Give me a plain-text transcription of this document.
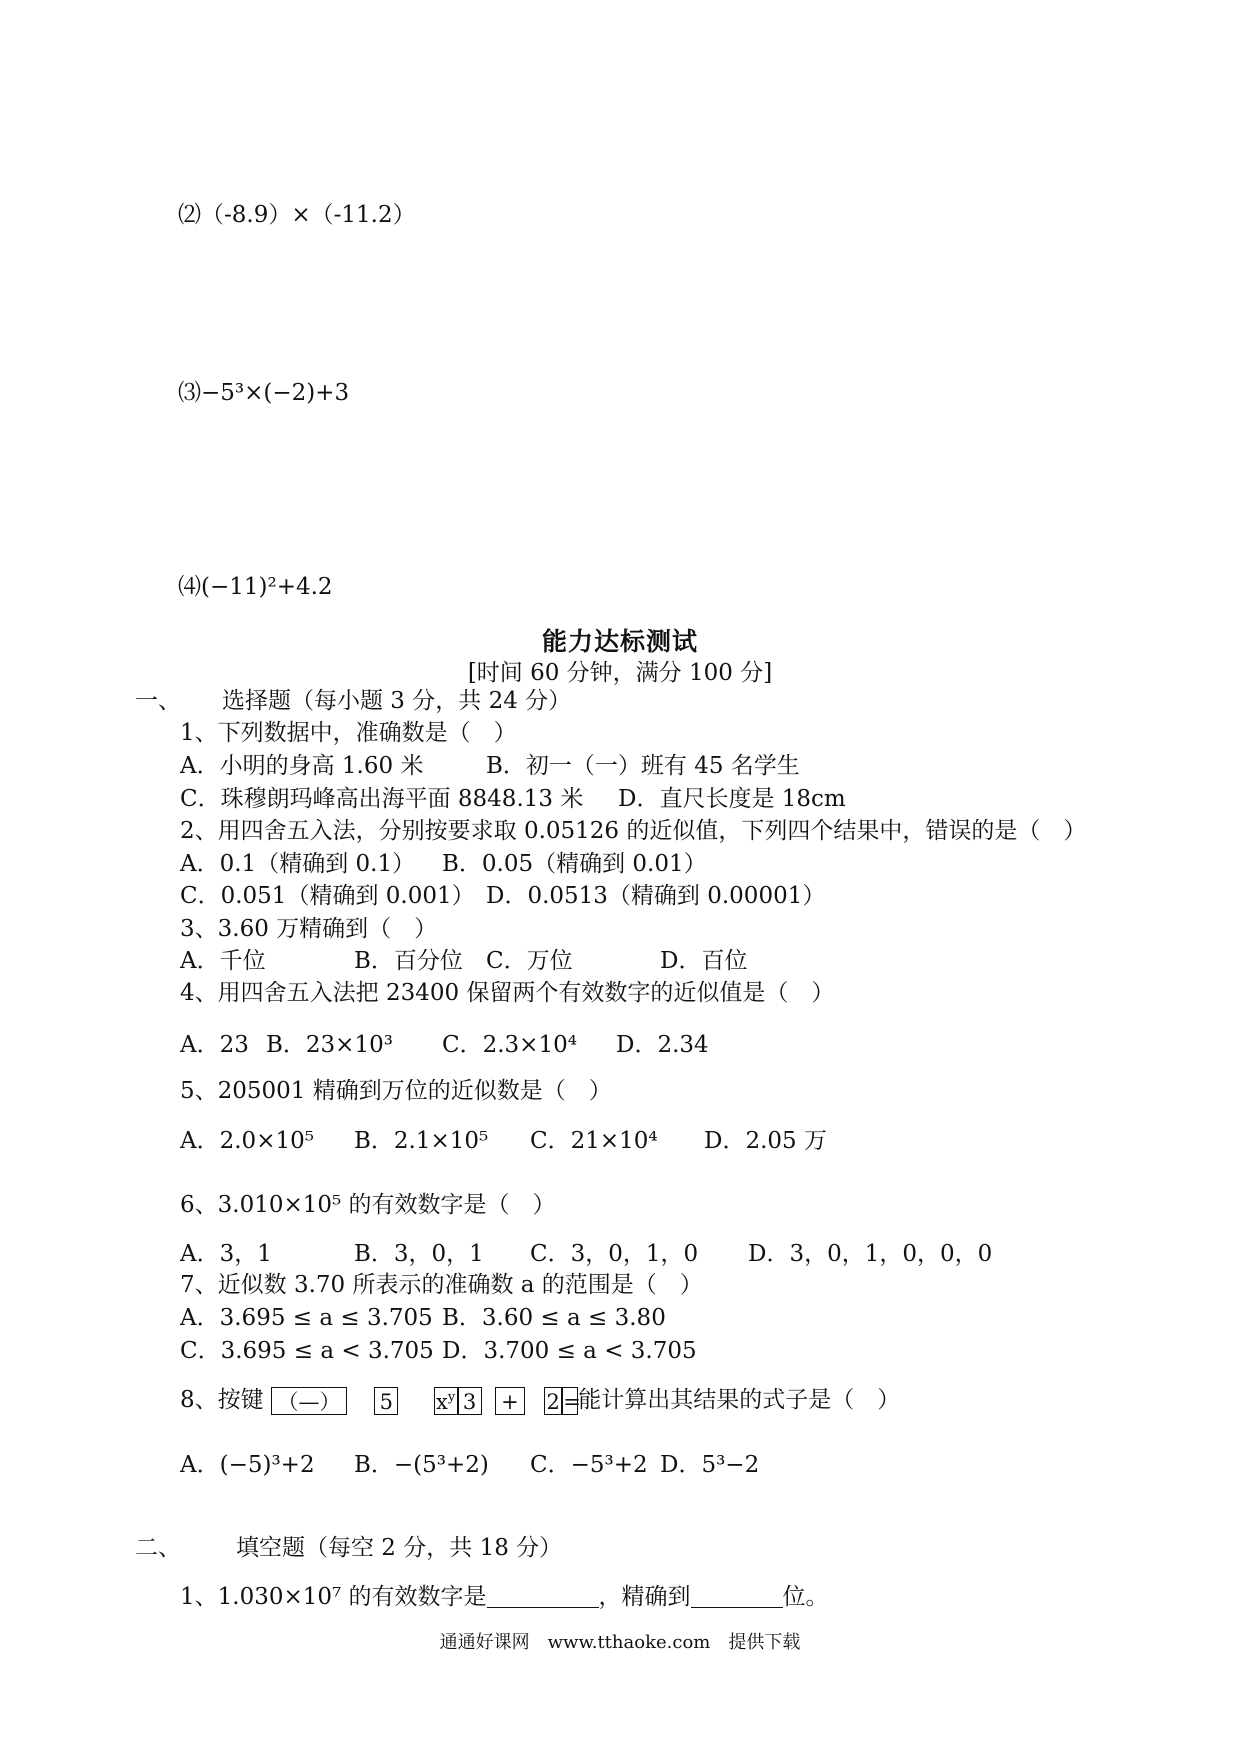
⑵（-8.9）×（-11.2）
⑶−5³×(−2)+3
⑷(−11)²+4.2
能力达标测试
[时间 60 分钟，满分 100 分]
一、 选择题（每小题 3 分，共 24 分）
1、下列数据中，准确数是（　）
A．小明的身高 1.60 米	B．初一（一）班有 45 名学生
C．珠穆朗玛峰高出海平面 8848.13 米 D．直尺长度是 18cm
2、用四舍五入法，分别按要求取 0.05126 的近似值，下列四个结果中，错误的是（　）
A．0.1（精确到 0.1） B．0.05（精确到 0.01）
C．0.051（精确到 0.001） D．0.0513（精确到 0.00001）
3、3.60 万精确到（　）
A．千位	B．百分位 C．万位	D．百位
4、用四舍五入法把 23400 保留两个有效数字的近似值是（　）
A．23 B．23×10³ C．2.3×10⁴ D．2.34
5、205001 精确到万位的近似数是（　）
A．2.0×10⁵ B．2.1×10⁵ C．21×10⁴ D．2.05 万
6、3.010×10⁵ 的有效数字是（　）
A．3，1	B．3，0，1 C．3，0，1，0 D．3，0，1，0，0，0
7、近似数 3.70 所表示的准确数 a 的范围是（　）
A．3.695 ≤ a ≤ 3.705 B．3.60 ≤ a ≤ 3.80
C．3.695 ≤ a < 3.705 D．3.700 ≤ a < 3.705
8、按键 （—） 5 $x^y$ 3 + 2 =能计算出其结果的式子是（　）
A．(−5)³+2 B．−(5³+2) C．−5³+2 D．5³−2
二、 填空题（每空 2 分，共 18 分）
1、1.030×10⁷ 的有效数字是	，精确到	位。
通通好课网　www.tthaoke.com　提供下载
